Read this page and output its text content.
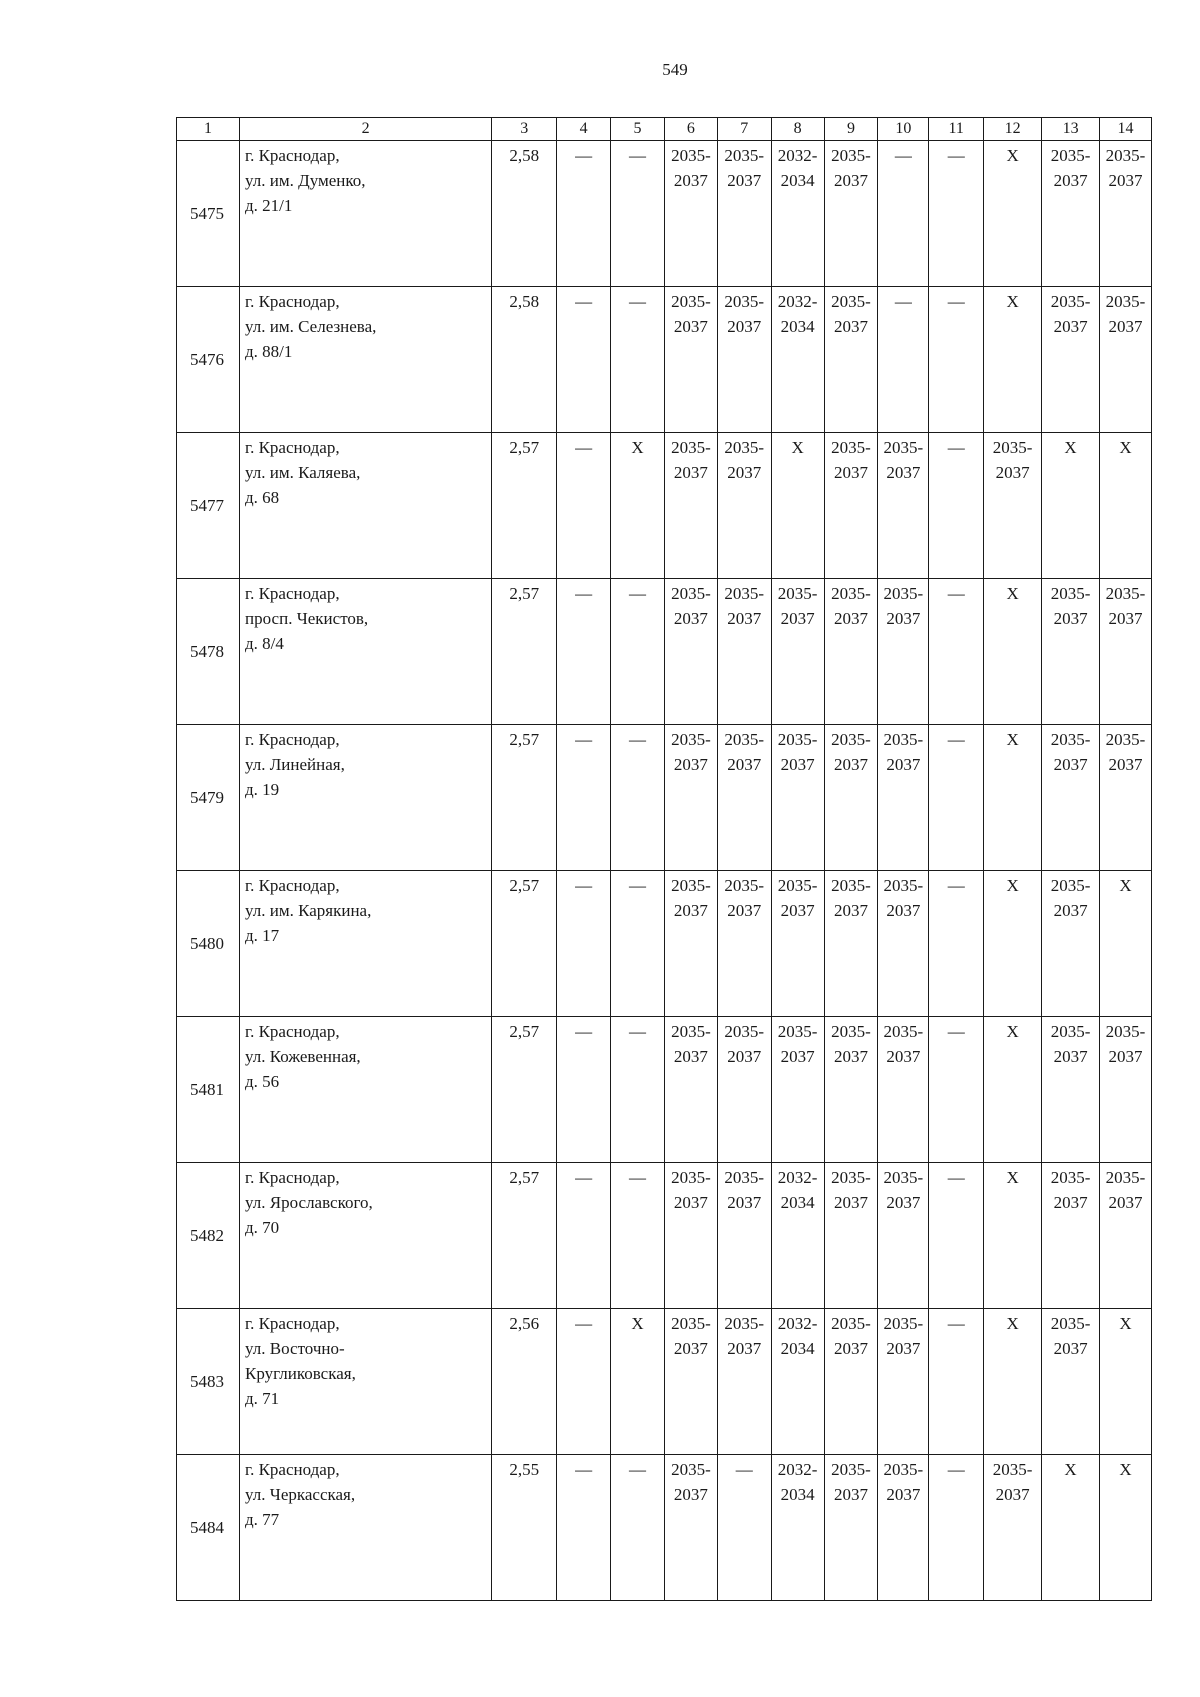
549
1	2	3	4	5	6	7	8	9	10	11	12	13	14

5475	г. Краснодар,
ул. им. Думенко,
д. 21/1	2,58	—	—	2035-
2037	2035-
2037	2032-
2034	2035-
2037	—	—	Х	2035-
2037	2035-
2037

5476	г. Краснодар,
ул. им. Селезнева,
д. 88/1	2,58	—	—	2035-
2037	2035-
2037	2032-
2034	2035-
2037	—	—	Х	2035-
2037	2035-
2037

5477	г. Краснодар,
ул. им. Каляева,
д. 68	2,57	—	Х	2035-
2037	2035-
2037	Х	2035-
2037	2035-
2037	—	2035-
2037	Х	Х

5478	г. Краснодар,
просп. Чекистов,
д. 8/4	2,57	—	—	2035-
2037	2035-
2037	2035-
2037	2035-
2037	2035-
2037	—	Х	2035-
2037	2035-
2037

5479	г. Краснодар,
ул. Линейная,
д. 19	2,57	—	—	2035-
2037	2035-
2037	2035-
2037	2035-
2037	2035-
2037	—	Х	2035-
2037	2035-
2037

5480	г. Краснодар,
ул. им. Карякина,
д. 17	2,57	—	—	2035-
2037	2035-
2037	2035-
2037	2035-
2037	2035-
2037	—	Х	2035-
2037	Х

5481	г. Краснодар,
ул. Кожевенная,
д. 56	2,57	—	—	2035-
2037	2035-
2037	2035-
2037	2035-
2037	2035-
2037	—	Х	2035-
2037	2035-
2037

5482	г. Краснодар,
ул. Ярославского,
д. 70	2,57	—	—	2035-
2037	2035-
2037	2032-
2034	2035-
2037	2035-
2037	—	Х	2035-
2037	2035-
2037

5483	г. Краснодар,
ул. Восточно-
Кругликовская,
д. 71	2,56	—	Х	2035-
2037	2035-
2037	2032-
2034	2035-
2037	2035-
2037	—	Х	2035-
2037	Х

5484	г. Краснодар,
ул. Черкасская,
д. 77	2,55	—	—	2035-
2037	—	2032-
2034	2035-
2037	2035-
2037	—	2035-
2037	Х	Х
